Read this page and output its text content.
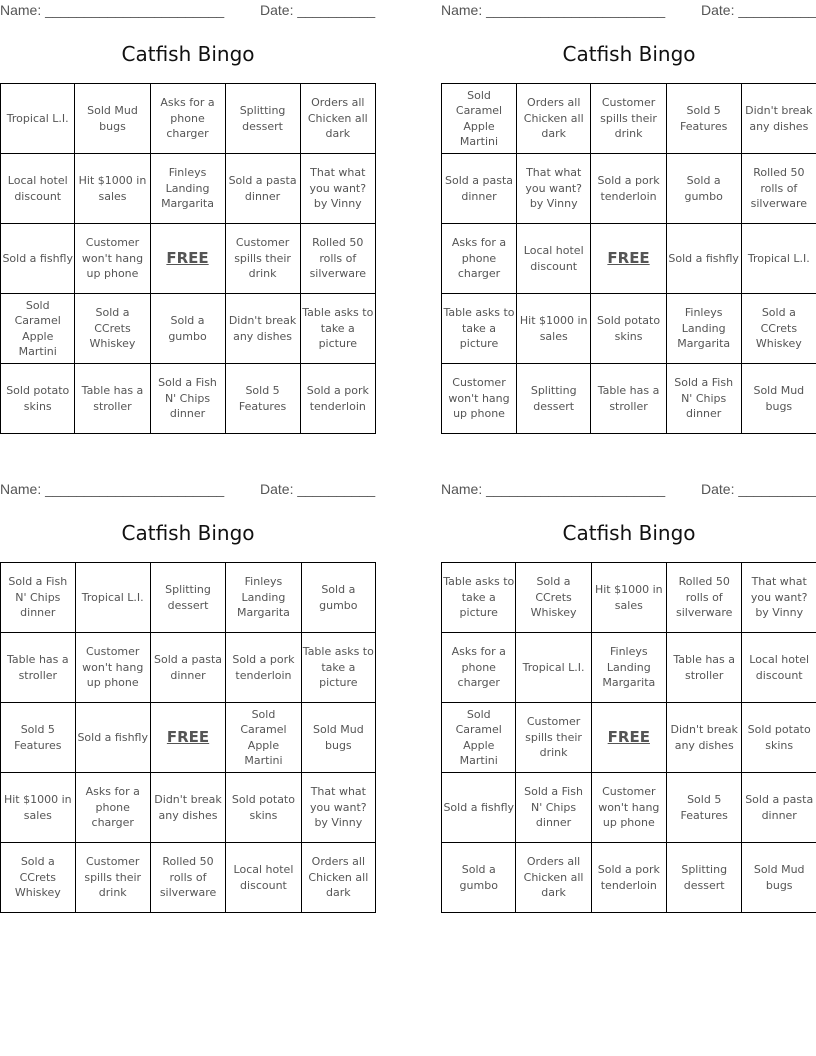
Name: _______________________	Date: __________
Catfish Bingo
Tropical L.I.	Sold Mud bugs	Asks for a phone charger	Splitting dessert	Orders all Chicken all dark
Local hotel discount	Hit $1000 in sales	Finleys Landing Margarita	Sold a pasta dinner	That what you want? by Vinny
Sold a fishfly	Customer won't hang up phone	FREE	Customer spills their drink	Rolled 50 rolls of silverware
Sold Caramel Apple Martini	Sold a CCrets Whiskey	Sold a gumbo	Didn't break any dishes	Table asks to take a picture
Sold potato skins	Table has a stroller	Sold a Fish N' Chips dinner	Sold 5 Features	Sold a pork tenderloin
Name: _______________________	Date: __________
Catfish Bingo
Sold Caramel Apple Martini	Orders all Chicken all dark	Customer spills their drink	Sold 5 Features	Didn't break any dishes
Sold a pasta dinner	That what you want? by Vinny	Sold a pork tenderloin	Sold a gumbo	Rolled 50 rolls of silverware
Asks for a phone charger	Local hotel discount	FREE	Sold a fishfly	Tropical L.I.
Table asks to take a picture	Hit $1000 in sales	Sold potato skins	Finleys Landing Margarita	Sold a CCrets Whiskey
Customer won't hang up phone	Splitting dessert	Table has a stroller	Sold a Fish N' Chips dinner	Sold Mud bugs
Name: _______________________	Date: __________
Catfish Bingo
Sold a Fish N' Chips dinner	Tropical L.I.	Splitting dessert	Finleys Landing Margarita	Sold a gumbo
Table has a stroller	Customer won't hang up phone	Sold a pasta dinner	Sold a pork tenderloin	Table asks to take a picture
Sold 5 Features	Sold a fishfly	FREE	Sold Caramel Apple Martini	Sold Mud bugs
Hit $1000 in sales	Asks for a phone charger	Didn't break any dishes	Sold potato skins	That what you want? by Vinny
Sold a CCrets Whiskey	Customer spills their drink	Rolled 50 rolls of silverware	Local hotel discount	Orders all Chicken all dark
Name: _______________________	Date: __________
Catfish Bingo
Table asks to take a picture	Sold a CCrets Whiskey	Hit $1000 in sales	Rolled 50 rolls of silverware	That what you want? by Vinny
Asks for a phone charger	Tropical L.I.	Finleys Landing Margarita	Table has a stroller	Local hotel discount
Sold Caramel Apple Martini	Customer spills their drink	FREE	Didn't break any dishes	Sold potato skins
Sold a fishfly	Sold a Fish N' Chips dinner	Customer won't hang up phone	Sold 5 Features	Sold a pasta dinner
Sold a gumbo	Orders all Chicken all dark	Sold a pork tenderloin	Splitting dessert	Sold Mud bugs
